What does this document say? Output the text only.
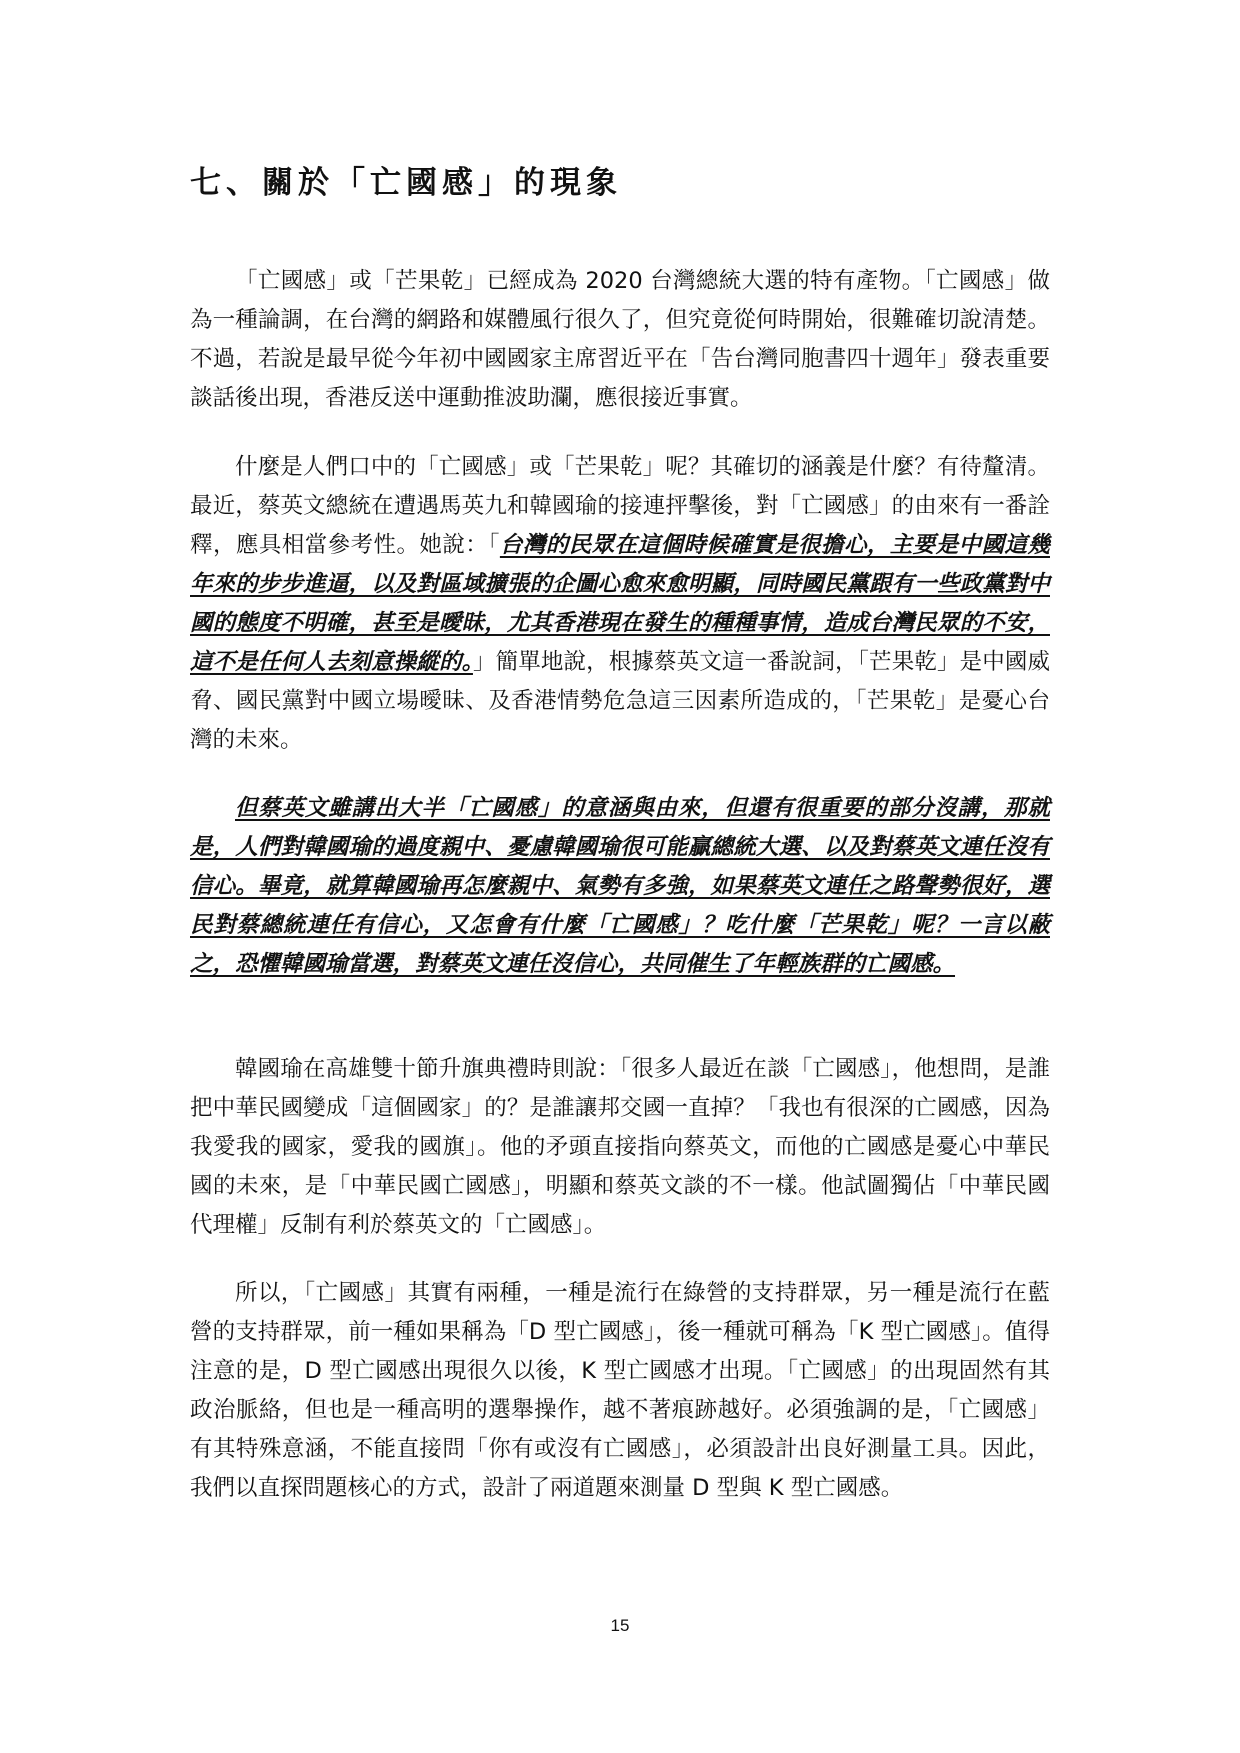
七、關於「亡國感」的現象

「亡國感」或「芒果乾」已經成為 2020 台灣總統大選的特有產物。「亡國感」做為一種論調，在台灣的網路和媒體風行很久了，但究竟從何時開始，很難確切說清楚。不過，若說是最早從今年初中國國家主席習近平在「告台灣同胞書四十週年」發表重要談話後出現，香港反送中運動推波助瀾，應很接近事實。

什麼是人們口中的「亡國感」或「芒果乾」呢？其確切的涵義是什麼？有待釐清。最近，蔡英文總統在遭遇馬英九和韓國瑜的接連抨擊後，對「亡國感」的由來有一番詮釋，應具相當參考性。她說：「台灣的民眾在這個時候確實是很擔心，主要是中國這幾年來的步步進逼，以及對區域擴張的企圖心愈來愈明顯，同時國民黨跟有一些政黨對中國的態度不明確，甚至是曖昧，尤其香港現在發生的種種事情，造成台灣民眾的不安，這不是任何人去刻意操縱的。」簡單地說，根據蔡英文這一番說詞，「芒果乾」是中國威脅、國民黨對中國立場曖昧、及香港情勢危急這三因素所造成的，「芒果乾」是憂心台灣的未來。

但蔡英文雖講出大半「亡國感」的意涵與由來，但還有很重要的部分沒講，那就是，人們對韓國瑜的過度親中、憂慮韓國瑜很可能贏總統大選、以及對蔡英文連任沒有信心。畢竟，就算韓國瑜再怎麼親中、氣勢有多強，如果蔡英文連任之路聲勢很好，選民對蔡總統連任有信心，又怎會有什麼「亡國感」？吃什麼「芒果乾」呢？一言以蔽之，恐懼韓國瑜當選，對蔡英文連任沒信心，共同催生了年輕族群的亡國感。

韓國瑜在高雄雙十節升旗典禮時則說：「很多人最近在談「亡國感」，他想問，是誰把中華民國變成「這個國家」的？是誰讓邦交國一直掉？「我也有很深的亡國感，因為我愛我的國家，愛我的國旗」。他的矛頭直接指向蔡英文，而他的亡國感是憂心中華民國的未來，是「中華民國亡國感」，明顯和蔡英文談的不一樣。他試圖獨佔「中華民國代理權」反制有利於蔡英文的「亡國感」。

所以，「亡國感」其實有兩種，一種是流行在綠營的支持群眾，另一種是流行在藍營的支持群眾，前一種如果稱為「D 型亡國感」，後一種就可稱為「K 型亡國感」。值得注意的是，D 型亡國感出現很久以後，K 型亡國感才出現。「亡國感」的出現固然有其政治脈絡，但也是一種高明的選舉操作，越不著痕跡越好。必須強調的是，「亡國感」有其特殊意涵，不能直接問「你有或沒有亡國感」，必須設計出良好測量工具。因此，我們以直探問題核心的方式，設計了兩道題來測量 D 型與 K 型亡國感。

15
